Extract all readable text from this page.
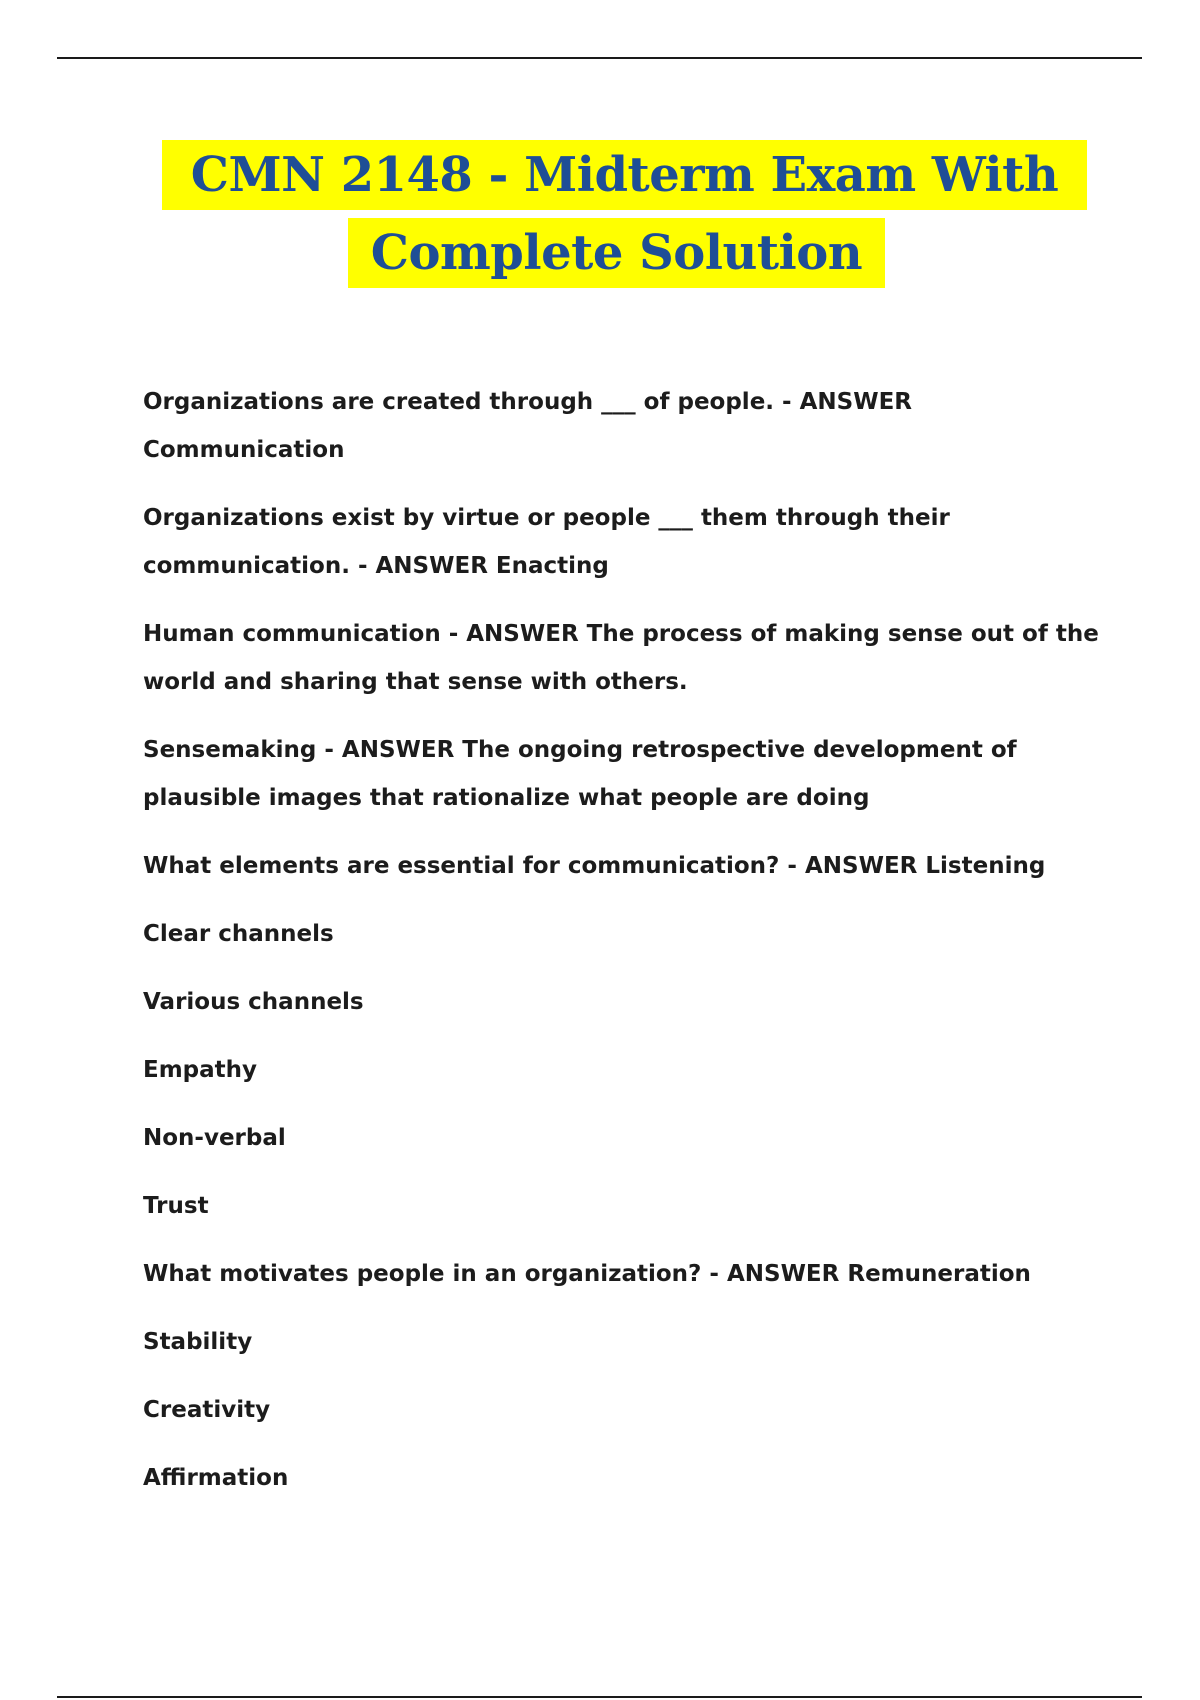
CMN 2148 - Midterm Exam With
Complete Solution

Organizations are created through ___ of people. - ANSWER Communication

Organizations exist by virtue or people ___ them through their communication. - ANSWER Enacting

Human communication - ANSWER The process of making sense out of the world and sharing that sense with others.

Sensemaking - ANSWER The ongoing retrospective development of plausible images that rationalize what people are doing

What elements are essential for communication? - ANSWER Listening

Clear channels

Various channels

Empathy

Non-verbal

Trust

What motivates people in an organization? - ANSWER Remuneration

Stability

Creativity

Affirmation
